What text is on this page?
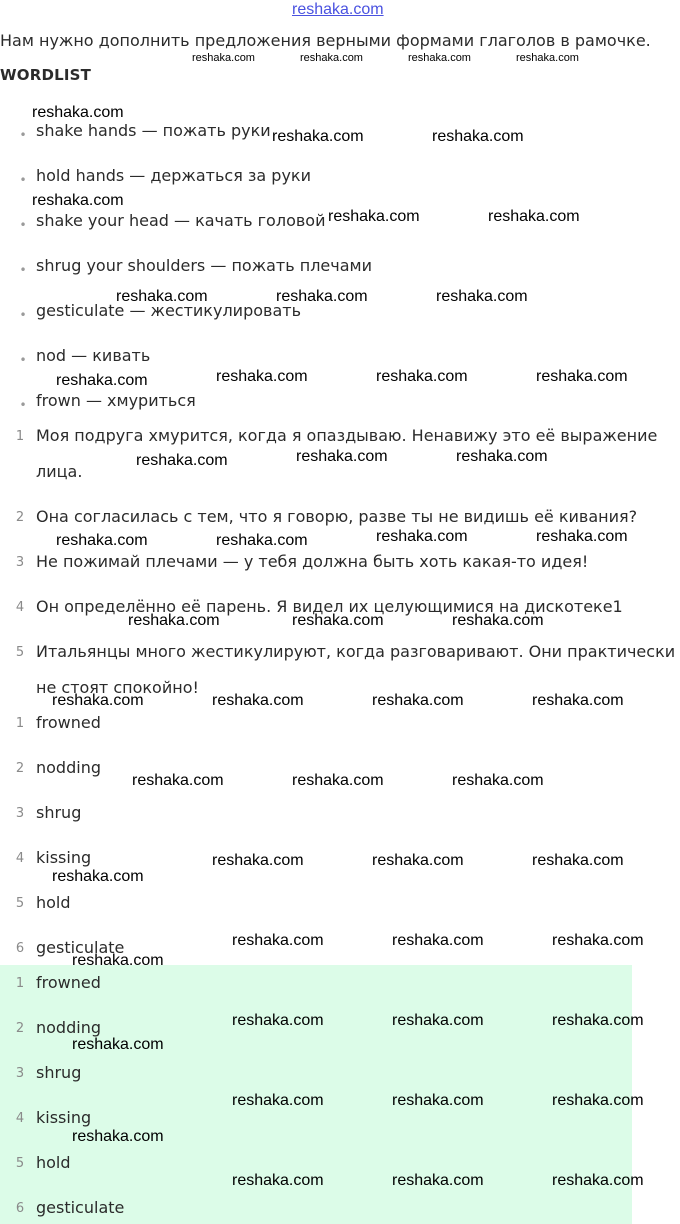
reshaka.com
Нам нужно дополнить предложения верными формами глаголов в рамочке.
WORDLIST
• shake hands — пожать руки
• hold hands — держаться за руки
• shake your head — качать головой
• shrug your shoulders — пожать плечами
• gesticulate — жестикулировать
• nod — кивать
• frown — хмуриться
1 Моя подруга хмурится, когда я опаздываю. Ненавижу это её выражение
лица.
2 Она согласилась с тем, что я говорю, разве ты не видишь её кивания?
3 Не пожимай плечами — у тебя должна быть хоть какая-то идея!
4 Он определённо её парень. Я видел их целующимися на дискотеке1
5 Итальянцы много жестикулируют, когда разговаривают. Они практически
не стоят спокойно!
1 frowned
2 nodding
3 shrug
4 kissing
5 hold
6 gesticulate
1 frowned
2 nodding
3 shrug
4 kissing
5 hold
6 gesticulate
reshaka.com	reshaka.com	reshaka.com	reshaka.com
reshaka.com
reshaka.com	reshaka.com
reshaka.com
reshaka.com	reshaka.com
reshaka.com	reshaka.com	reshaka.com
reshaka.com	reshaka.com	reshaka.com	reshaka.com
reshaka.com	reshaka.com	reshaka.com
reshaka.com	reshaka.com	reshaka.com	reshaka.com
reshaka.com	reshaka.com	reshaka.com
reshaka.com	reshaka.com	reshaka.com	reshaka.com
reshaka.com	reshaka.com	reshaka.com
reshaka.com	reshaka.com	reshaka.com
reshaka.com
reshaka.com	reshaka.com	reshaka.com
reshaka.com
reshaka.com	reshaka.com	reshaka.com
reshaka.com
reshaka.com	reshaka.com	reshaka.com
reshaka.com
reshaka.com	reshaka.com	reshaka.com
